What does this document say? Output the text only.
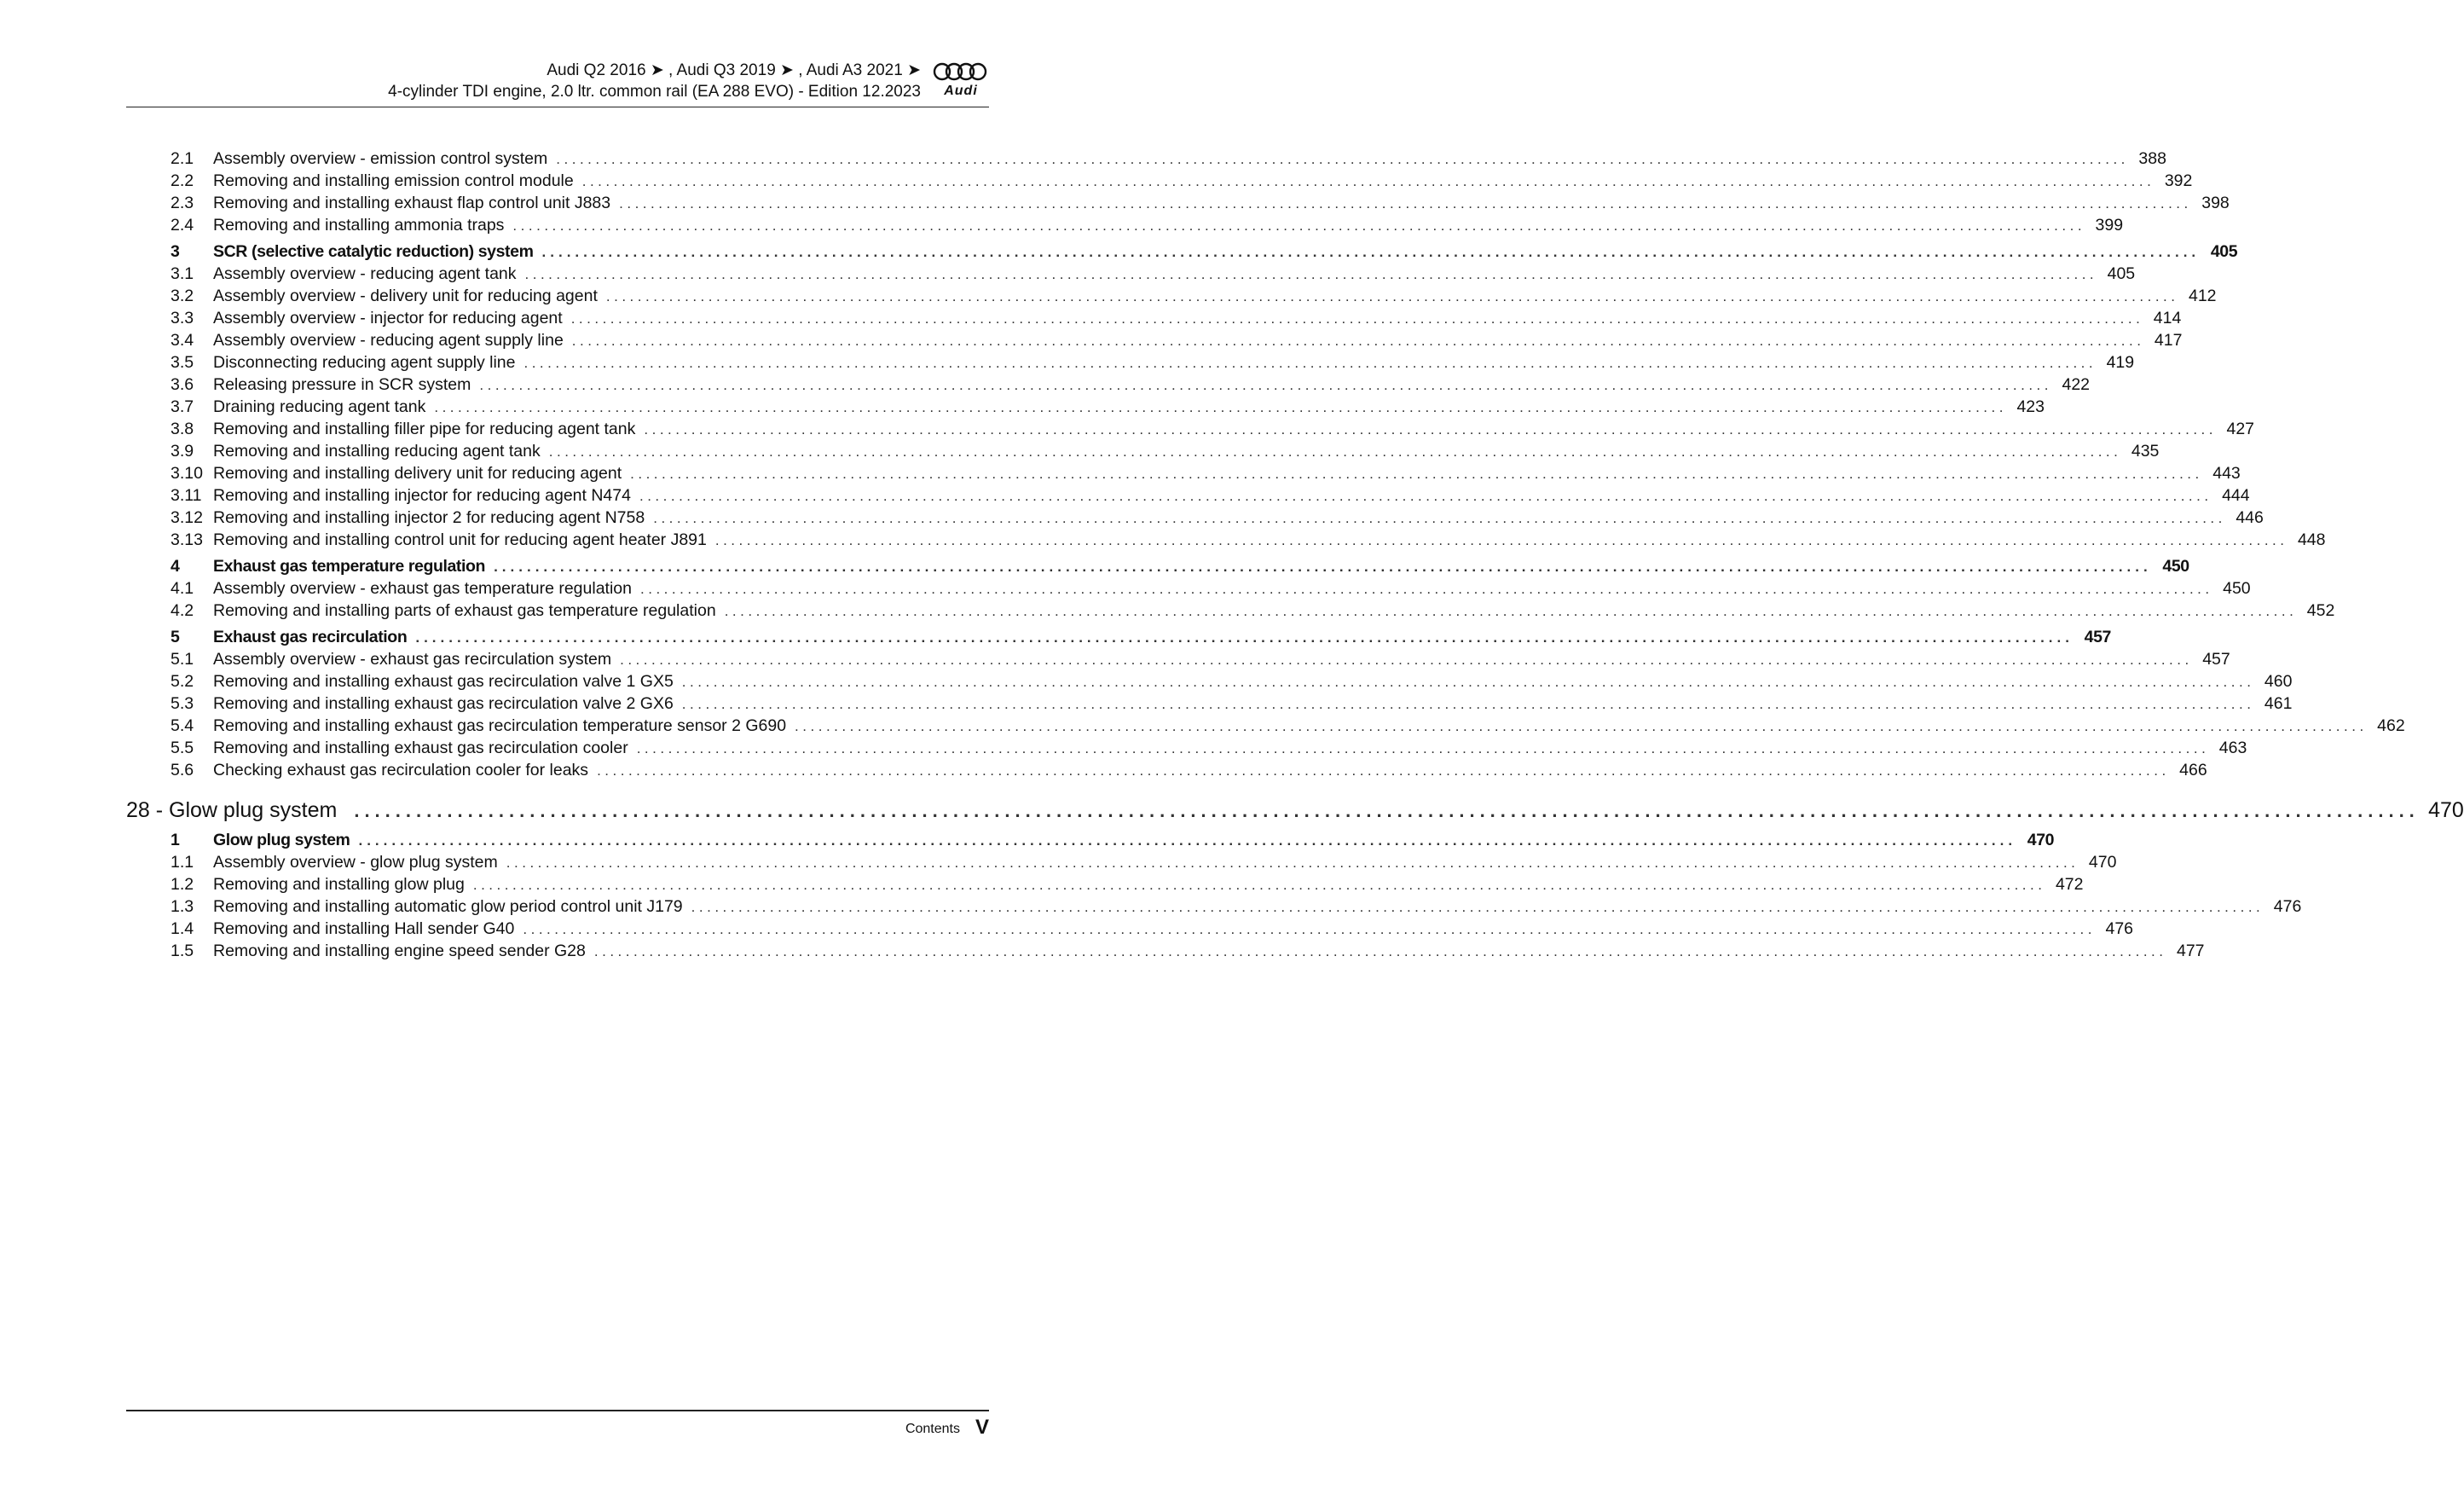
Audi Q2 2016 ➤ , Audi Q3 2019 ➤ , Audi A3 2021 ➤
4-cylinder TDI engine, 2.0 ltr. common rail (EA 288 EVO) - Edition 12.2023	Audi
2.1	Assembly overview - emission control system ........................................................................................................................................................................................................ 388
2.2	Removing and installing emission control module ........................................................................................................................................................................................................ 392
2.3	Removing and installing exhaust flap control unit J883 ........................................................................................................................................................................................................ 398
2.4	Removing and installing ammonia traps ........................................................................................................................................................................................................ 399
3	SCR (selective catalytic reduction) system ........................................................................................................................................................................................................ 405
3.1	Assembly overview - reducing agent tank ........................................................................................................................................................................................................ 405
3.2	Assembly overview - delivery unit for reducing agent ........................................................................................................................................................................................................ 412
3.3	Assembly overview - injector for reducing agent ........................................................................................................................................................................................................ 414
3.4	Assembly overview - reducing agent supply line ........................................................................................................................................................................................................ 417
3.5	Disconnecting reducing agent supply line ........................................................................................................................................................................................................ 419
3.6	Releasing pressure in SCR system ........................................................................................................................................................................................................ 422
3.7	Draining reducing agent tank ........................................................................................................................................................................................................ 423
3.8	Removing and installing filler pipe for reducing agent tank ........................................................................................................................................................................................................ 427
3.9	Removing and installing reducing agent tank ........................................................................................................................................................................................................ 435
3.10 Removing and installing delivery unit for reducing agent ........................................................................................................................................................................................................ 443
3.11 Removing and installing injector for reducing agent N474 ........................................................................................................................................................................................................ 444
3.12 Removing and installing injector 2 for reducing agent N758 ........................................................................................................................................................................................................ 446
3.13 Removing and installing control unit for reducing agent heater J891 ........................................................................................................................................................................................................ 448
4	Exhaust gas temperature regulation ........................................................................................................................................................................................................ 450
4.1	Assembly overview - exhaust gas temperature regulation ........................................................................................................................................................................................................ 450
4.2	Removing and installing parts of exhaust gas temperature regulation ........................................................................................................................................................................................................ 452
5	Exhaust gas recirculation ........................................................................................................................................................................................................ 457
5.1	Assembly overview - exhaust gas recirculation system ........................................................................................................................................................................................................ 457
5.2	Removing and installing exhaust gas recirculation valve 1 GX5 ........................................................................................................................................................................................................ 460
5.3	Removing and installing exhaust gas recirculation valve 2 GX6 ........................................................................................................................................................................................................ 461
5.4	Removing and installing exhaust gas recirculation temperature sensor 2 G690 ........................................................................................................................................................................................................ 462
5.5	Removing and installing exhaust gas recirculation cooler ........................................................................................................................................................................................................ 463
5.6	Checking exhaust gas recirculation cooler for leaks ........................................................................................................................................................................................................ 466
28 - Glow plug system ........................................................................................................................................................................................................ 470
1	Glow plug system ........................................................................................................................................................................................................ 470
1.1	Assembly overview - glow plug system ........................................................................................................................................................................................................ 470
1.2	Removing and installing glow plug ........................................................................................................................................................................................................ 472
1.3	Removing and installing automatic glow period control unit J179 ........................................................................................................................................................................................................ 476
1.4	Removing and installing Hall sender G40 ........................................................................................................................................................................................................ 476
1.5	Removing and installing engine speed sender G28 ........................................................................................................................................................................................................ 477
Contents V
